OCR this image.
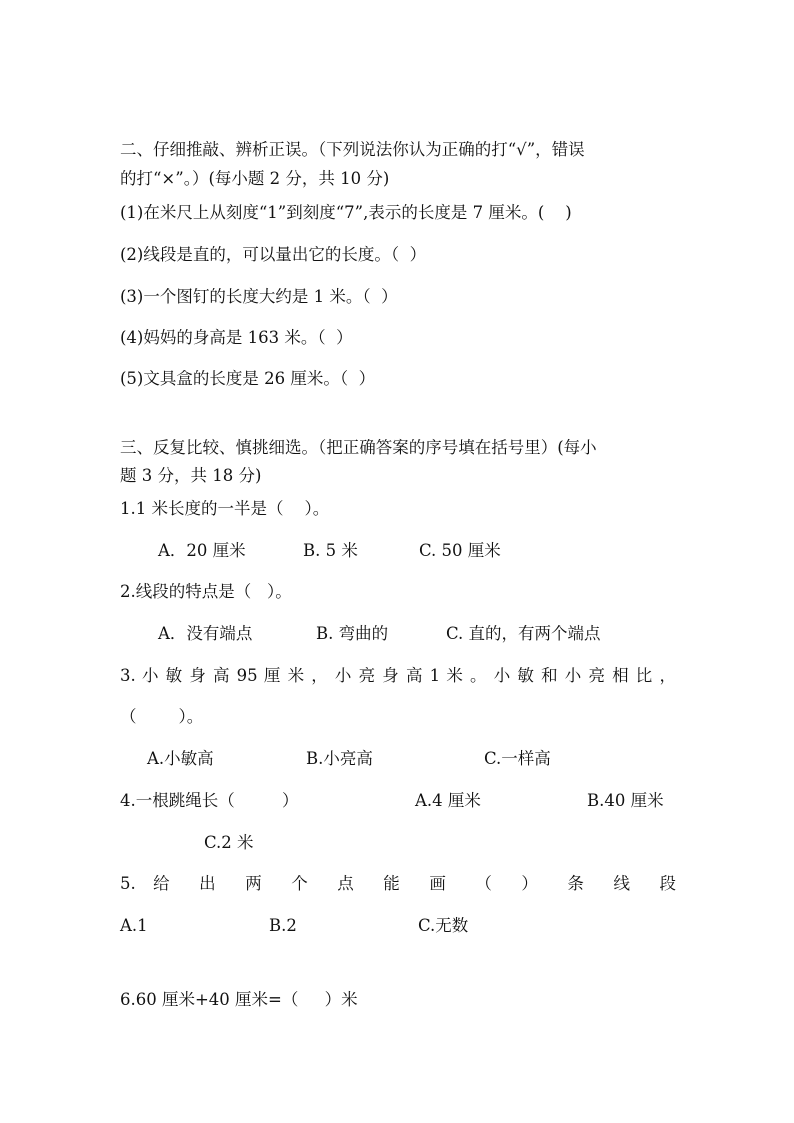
二、仔细推敲、辨析正误。（下列说法你认为正确的打“√”，错误
的打“×”。）(每小题 2 分，共 10 分)
(1)在米尺上从刻度“1”到刻度“7”,表示的长度是 7 厘米。(    )
(2)线段是直的，可以量出它的长度。（  ）
(3)一个图钉的长度大约是 1 米。（  ）
(4)妈妈的身高是 163 米。（  ）
(5)文具盒的长度是 26 厘米。（  ）
三、反复比较、慎挑细选。（把正确答案的序号填在括号里）(每小
题 3 分，共 18 分)
1.1 米长度的一半是（    ）。
A．20 厘米	B. 5 米	C. 50 厘米
2.线段的特点是（   ）。
A．没有端点	B. 弯曲的	C. 直的，有两个端点
3. 小 敏 身 高 95 厘 米 ， 小 亮 身 高 1 米 。 小 敏 和 小 亮 相 比 ，
（        ）。
A.小敏高	B.小亮高	C.一样高
4.一根跳绳长（         ）	A.4 厘米	B.40 厘米
C.2 米
5. 给 出 两 个 点 能 画 （ ） 条 线 段
A.1	B.2	C.无数
6.60 厘米+40 厘米=（     ）米
